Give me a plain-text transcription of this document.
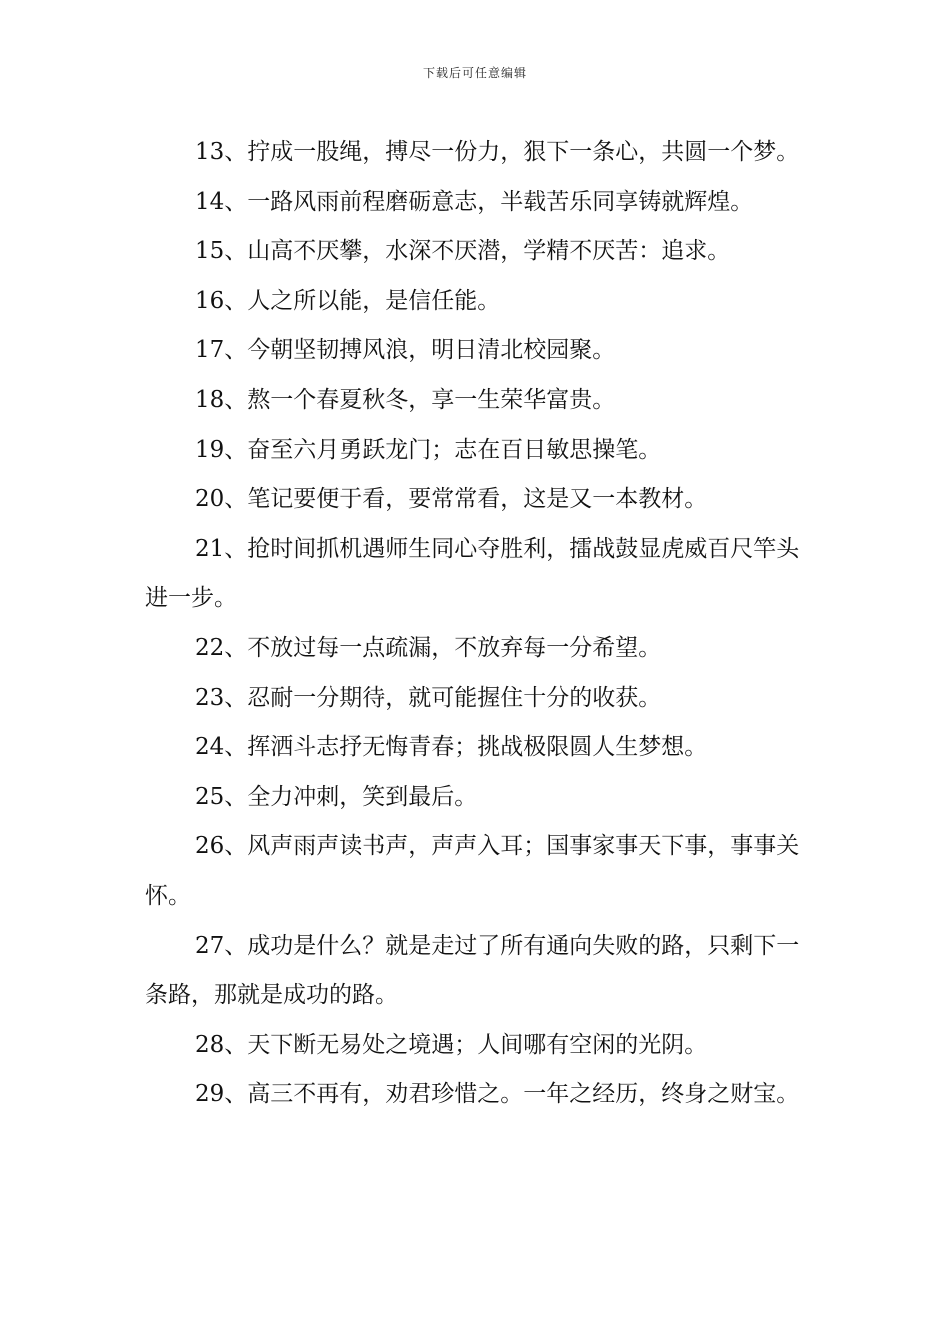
下载后可任意编辑

13、拧成一股绳，搏尽一份力，狠下一条心，共圆一个梦。

14、一路风雨前程磨砺意志，半载苦乐同享铸就辉煌。

15、山高不厌攀，水深不厌潜，学精不厌苦：追求。

16、人之所以能，是信任能。

17、今朝坚韧搏风浪，明日清北校园聚。

18、熬一个春夏秋冬，享一生荣华富贵。

19、奋至六月勇跃龙门；志在百日敏思操笔。

20、笔记要便于看，要常常看，这是又一本教材。

21、抢时间抓机遇师生同心夺胜利，擂战鼓显虎威百尺竿头进一步。

22、不放过每一点疏漏，不放弃每一分希望。

23、忍耐一分期待，就可能握住十分的收获。

24、挥洒斗志抒无悔青春；挑战极限圆人生梦想。

25、全力冲刺，笑到最后。

26、风声雨声读书声，声声入耳；国事家事天下事，事事关怀。

27、成功是什么？就是走过了所有通向失败的路，只剩下一条路，那就是成功的路。

28、天下断无易处之境遇；人间哪有空闲的光阴。

29、高三不再有，劝君珍惜之。一年之经历，终身之财宝。
